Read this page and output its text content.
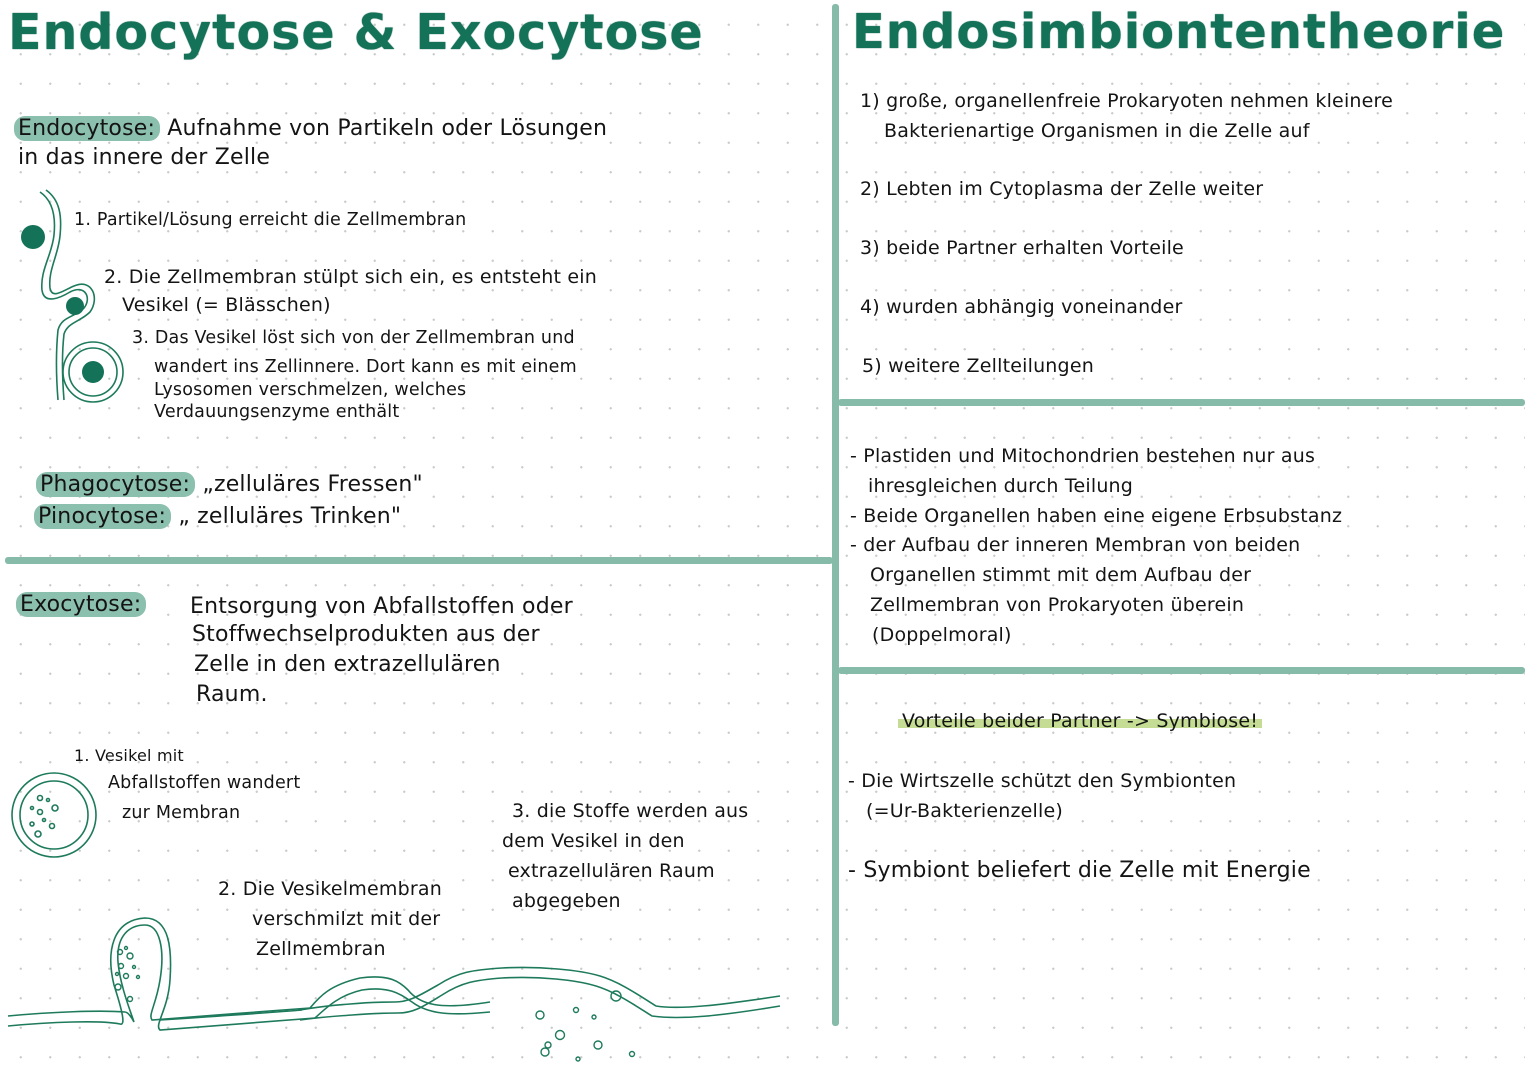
Endocytose & Exocytose
Endocytose: Aufnahme von Partikeln oder Lösungen
in das innere der Zelle
1. Partikel/Lösung erreicht die Zellmembran
2. Die Zellmembran stülpt sich ein, es entsteht ein
Vesikel (= Blässchen)
3. Das Vesikel löst sich von der Zellmembran und
wandert ins Zellinnere. Dort kann es mit einem
Lysosomen verschmelzen, welches
Verdauungsenzyme enthält
Phagocytose: „zelluläres Fressen"
Pinocytose: „ zelluläres Trinken"
Exocytose: Entsorgung von Abfallstoffen oder
Stoffwechselprodukten aus der
Zelle in den extrazellulären
Raum.
1. Vesikel mit
Abfallstoffen wandert
zur Membran
2. Die Vesikelmembran
verschmilzt mit der
Zellmembran
3. die Stoffe werden aus
dem Vesikel in den
extrazellulären Raum
abgegeben
Endosimbiontentheorie
1) große, organellenfreie Prokaryoten nehmen kleinere
Bakterienartige Organismen in die Zelle auf
2) Lebten im Cytoplasma der Zelle weiter
3) beide Partner erhalten Vorteile
4) wurden abhängig voneinander
5) weitere Zellteilungen
- Plastiden und Mitochondrien bestehen nur aus
ihresgleichen durch Teilung
- Beide Organellen haben eine eigene Erbsubstanz
- der Aufbau der inneren Membran von beiden
Organellen stimmt mit dem Aufbau der
Zellmembran von Prokaryoten überein
(Doppelmoral)
Vorteile beider Partner -> Symbiose!
- Die Wirtszelle schützt den Symbionten
(=Ur-Bakterienzelle)
- Symbiont beliefert die Zelle mit Energie
